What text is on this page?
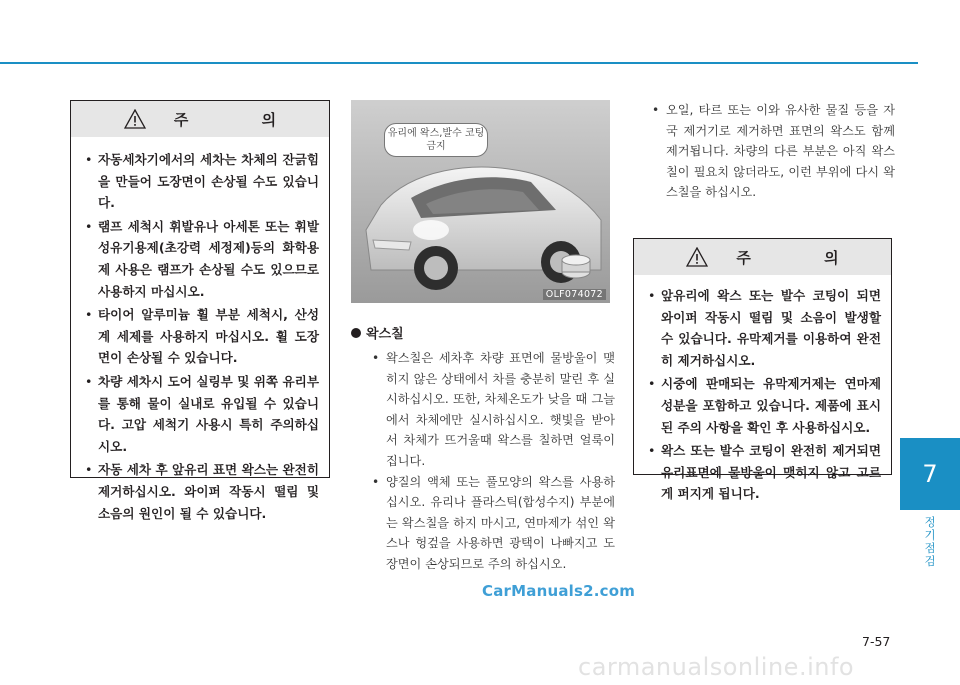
주 의
• 자동세차기에서의 세차는 차체의 잔긁힘을 만들어 도장면이 손상될 수도 있습니다.
• 램프 세척시 휘발유나 아세톤 또는 휘발성유기용제(초강력 세정제)등의 화학용제 사용은 램프가 손상될 수도 있으므로 사용하지 마십시오.
• 타이어 알루미늄 휠 부분 세척시, 산성계 세제를 사용하지 마십시오. 휠 도장면이 손상될 수 있습니다.
• 차량 세차시 도어 실링부 및 위쪽 유리부를 통해 물이 실내로 유입될 수 있습니다. 고압 세척기 사용시 특히 주의하십시오.
• 자동 세차 후 앞유리 표면 왁스는 완전히 제거하십시오. 와이퍼 작동시 떨림 및 소음의 원인이 될 수 있습니다.
OLF074072
유리에 왁스,발수 코팅 금지
왁스칠
• 왁스칠은 세차후 차량 표면에 물방울이 맺히지 않은 상태에서 차를 충분히 말린 후 실시하십시오. 또한, 차체온도가 낮을 때 그늘에서 차체에만 실시하십시오. 햇빛을 받아서 차체가 뜨거울때 왁스를 칠하면 얼룩이 집니다.
• 양질의 액체 또는 풀모양의 왁스를 사용하십시오. 유리나 플라스틱(합성수지) 부분에는 왁스칠을 하지 마시고, 연마제가 섞인 왁스나 헝겊을 사용하면 광택이 나빠지고 도장면이 손상되므로 주의 하십시오.
• 오일, 타르 또는 이와 유사한 물질 등을 자국 제거기로 제거하면 표면의 왁스도 함께 제거됩니다. 차량의 다른 부분은 아직 왁스칠이 필요치 않더라도, 이런 부위에 다시 왁스칠을 하십시오.
주 의
• 앞유리에 왁스 또는 발수 코팅이 되면 와이퍼 작동시 떨림 및 소음이 발생할 수 있습니다. 유막제거를 이용하여 완전히 제거하십시오.
• 시중에 판매되는 유막제거제는 연마제 성분을 포함하고 있습니다. 제품에 표시된 주의 사항을 확인 후 사용하십시오.
• 왁스 또는 발수 코팅이 완전히 제거되면 유리표면에 물방울이 맺히지 않고 고르게 퍼지게 됩니다.
7
정기 점검
7-57
CarManuals2.com
carmanualsonline.info
